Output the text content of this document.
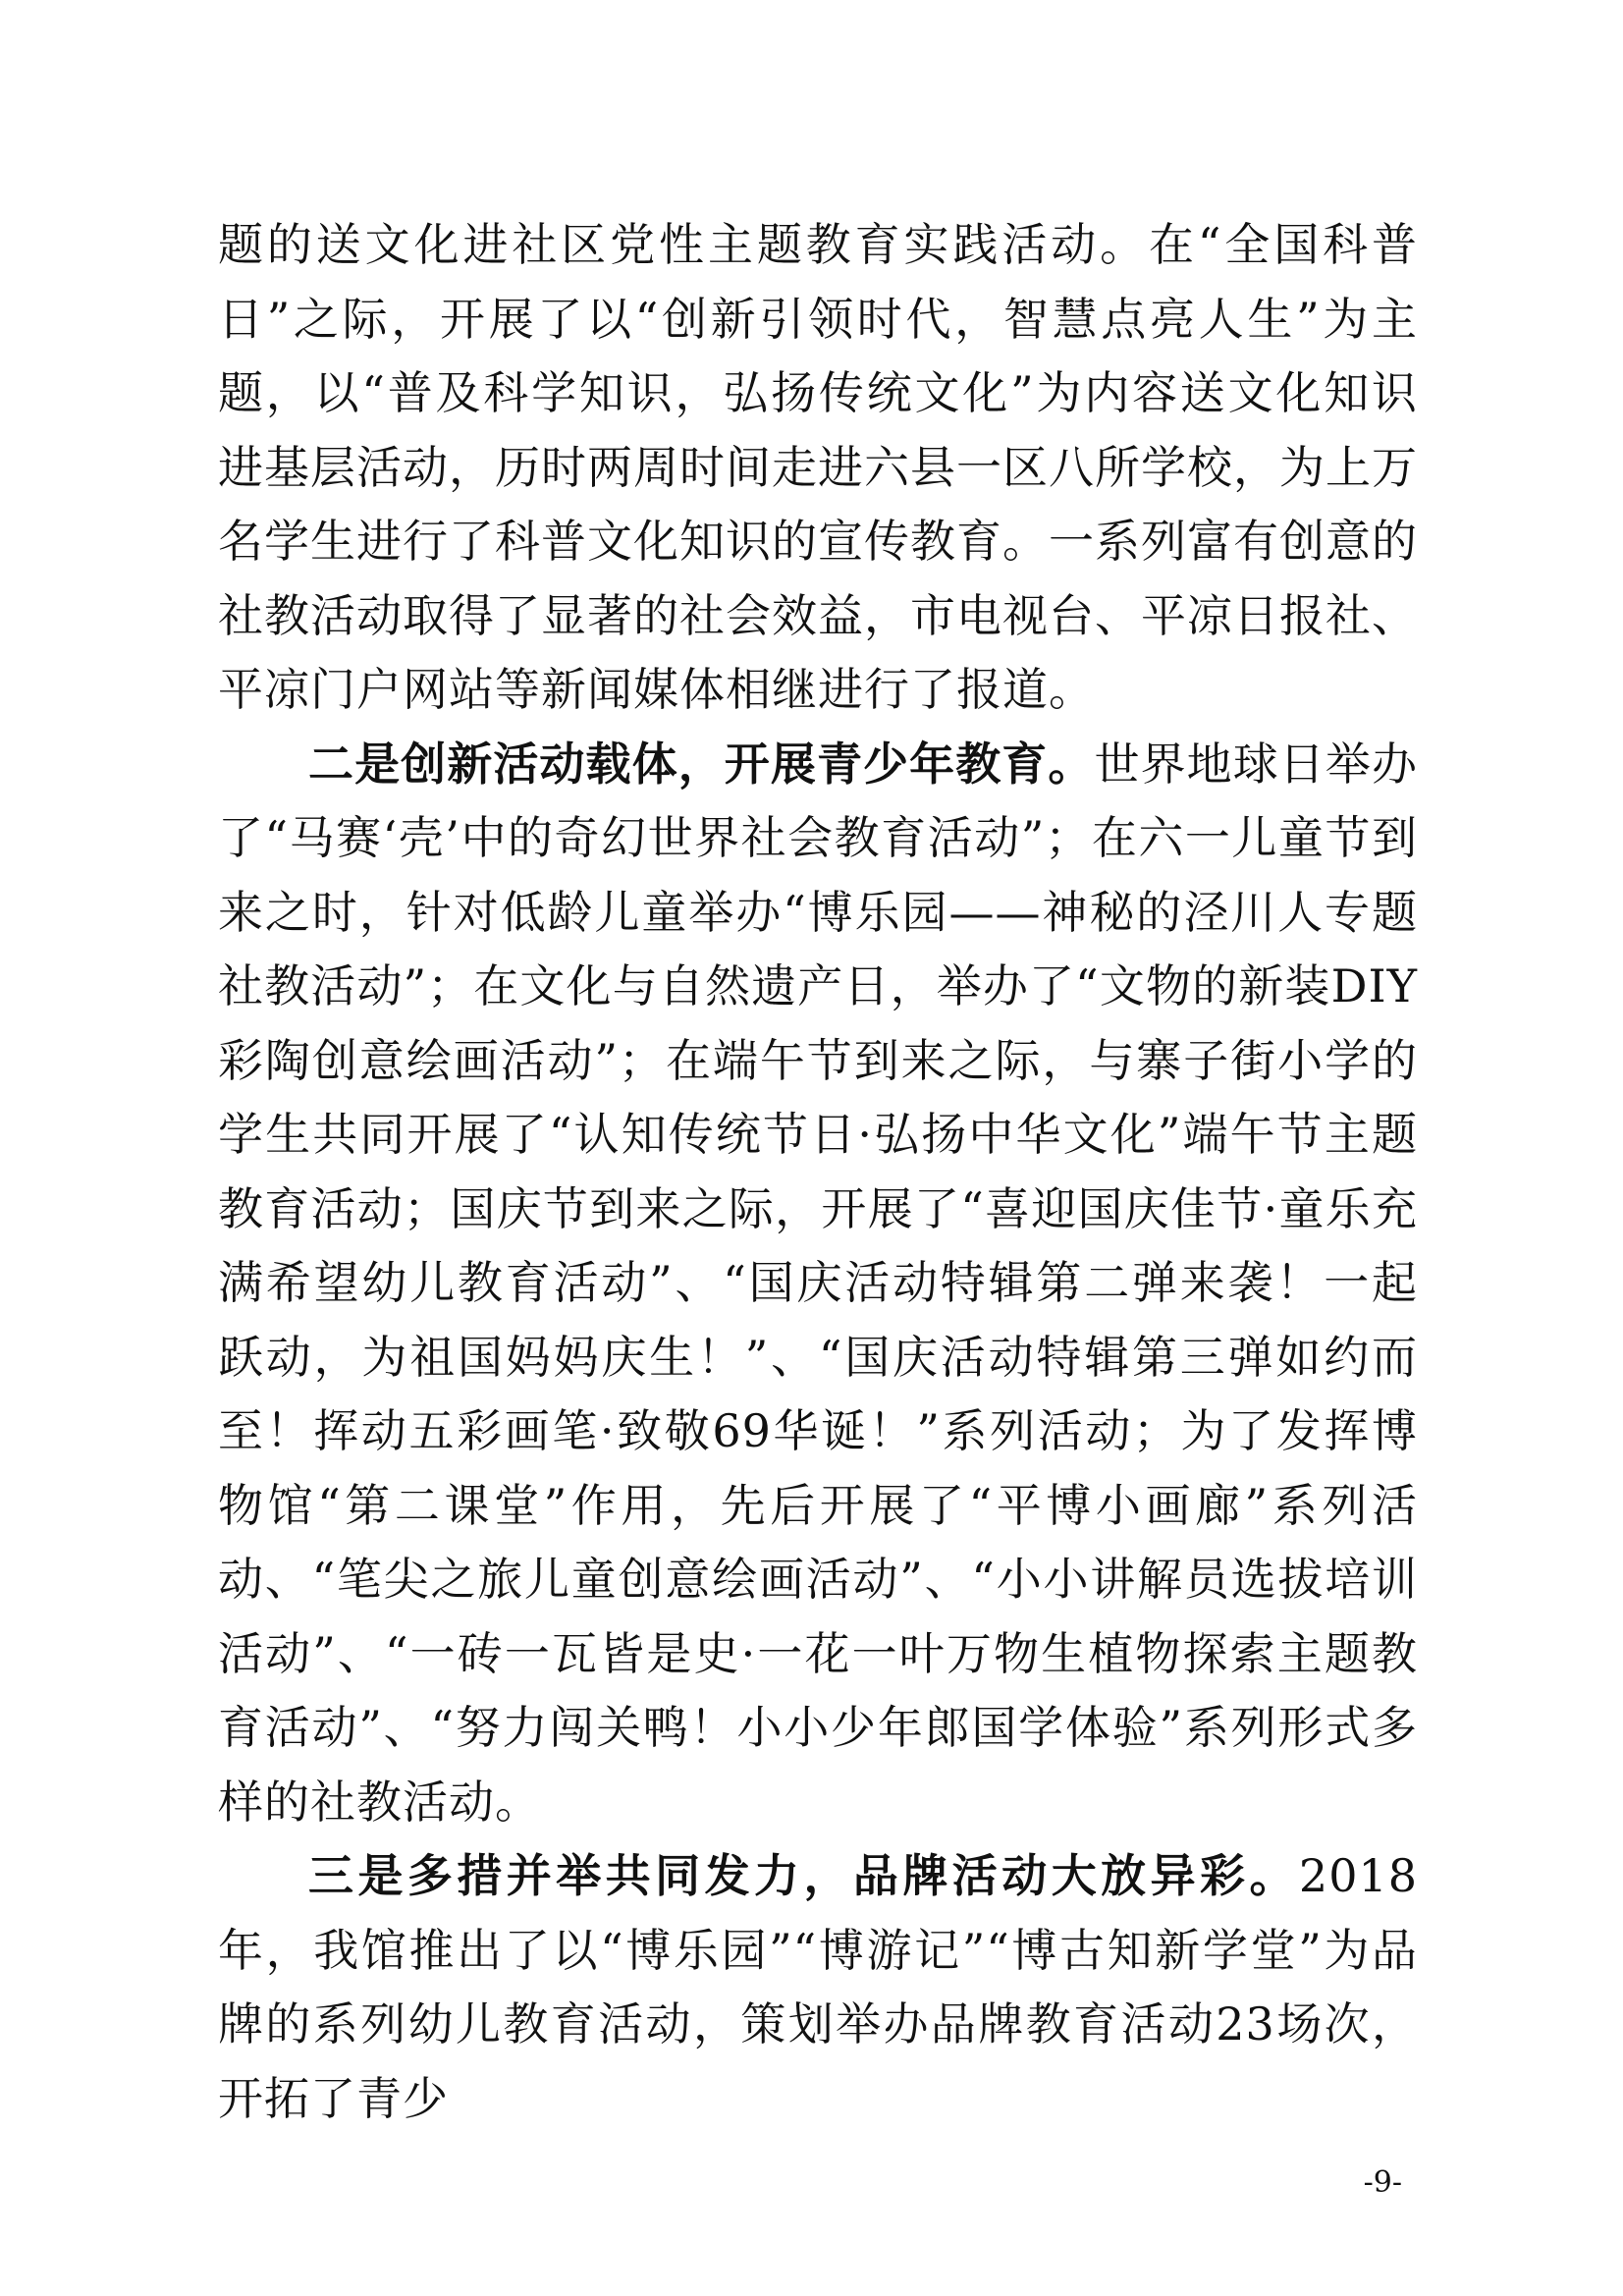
题的送文化进社区党性主题教育实践活动。在“全国科普日”之际，开展了以“创新引领时代，智慧点亮人生”为主题，以“普及科学知识，弘扬传统文化”为内容送文化知识进基层活动，历时两周时间走进六县一区八所学校，为上万名学生进行了科普文化知识的宣传教育。一系列富有创意的社教活动取得了显著的社会效益，市电视台、平凉日报社、平凉门户网站等新闻媒体相继进行了报道。

二是创新活动载体，开展青少年教育。世界地球日举办了“马赛‘壳’中的奇幻世界社会教育活动”；在六一儿童节到来之时，针对低龄儿童举办“博乐园——神秘的泾川人专题社教活动”；在文化与自然遗产日，举办了“文物的新装DIY彩陶创意绘画活动”；在端午节到来之际，与寨子街小学的学生共同开展了“认知传统节日·弘扬中华文化”端午节主题教育活动；国庆节到来之际，开展了“喜迎国庆佳节·童乐充满希望幼儿教育活动”、“国庆活动特辑第二弹来袭！一起跃动，为祖国妈妈庆生！”、“国庆活动特辑第三弹如约而至！挥动五彩画笔·致敬69华诞！”系列活动；为了发挥博物馆“第二课堂”作用，先后开展了“平博小画廊”系列活动、“笔尖之旅儿童创意绘画活动”、“小小讲解员选拔培训活动”、“一砖一瓦皆是史·一花一叶万物生植物探索主题教育活动”、“努力闯关鸭！小小少年郎国学体验”系列形式多样的社教活动。

三是多措并举共同发力，品牌活动大放异彩。2018年，我馆推出了以“博乐园”“博游记”“博古知新学堂”为品牌的系列幼儿教育活动，策划举办品牌教育活动23场次，开拓了青少

-9-
